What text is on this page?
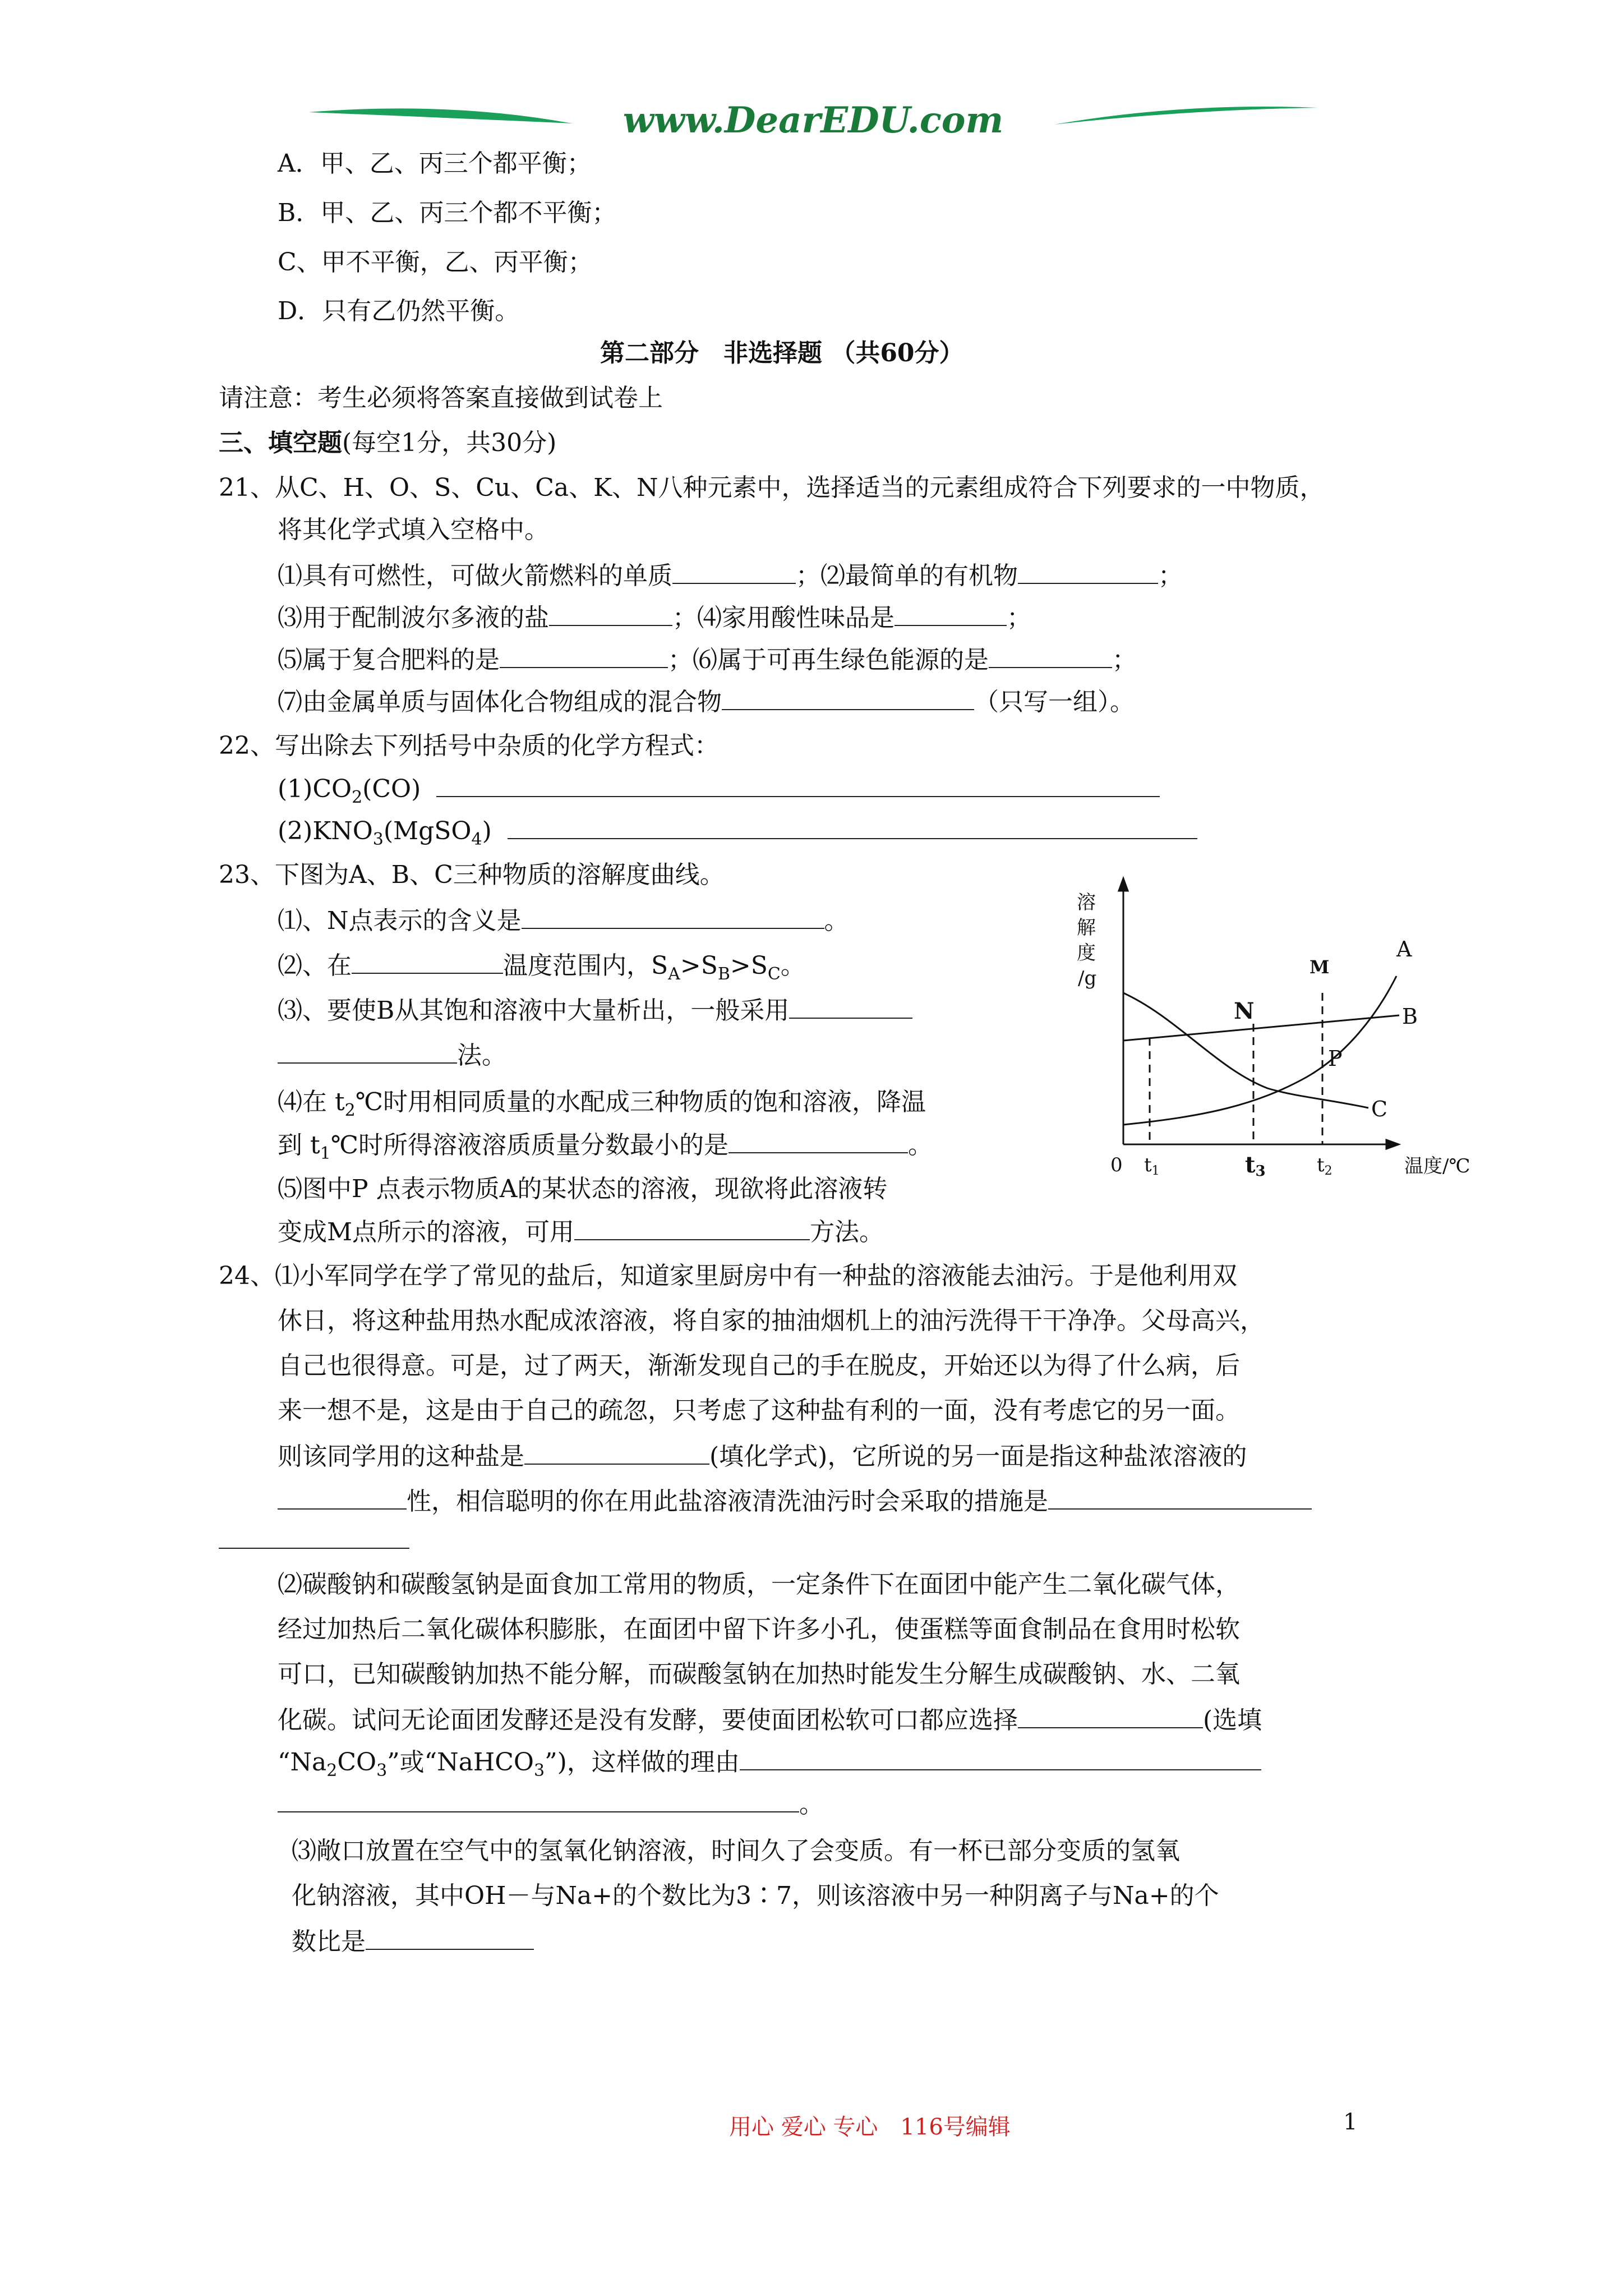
www.DearEDU.com
A．甲、乙、丙三个都平衡；
B．甲、乙、丙三个都不平衡；
C、甲不平衡，乙、丙平衡；
D．只有乙仍然平衡。
第二部分　非选择题 （共60分）
请注意：考生必须将答案直接做到试卷上
三、填空题(每空1分，共30分)
21、从C、H、O、S、Cu、Ca、K、N八种元素中，选择适当的元素组成符合下列要求的一中物质，
将其化学式填入空格中。
⑴具有可燃性，可做火箭燃料的单质	；⑵最简单的有机物	；
⑶用于配制波尔多液的盐	；⑷家用酸性味品是	；
⑸属于复合肥料的是	；⑹属于可再生绿色能源的是	；
⑺由金属单质与固体化合物组成的混合物	（只写一组）。
22、写出除去下列括号中杂质的化学方程式：
$(1)CO_2(CO)$
$(2)KNO_3(MgSO_4)$
23、下图为A、B、C三种物质的溶解度曲线。
⑴、N点表示的含义是	。
⑵、在	温度范围内，$S_A>S_B>S_C$。
⑶、要使B从其饱和溶液中大量析出，一般采用
法。
⑷在 $t_2℃$时用相同质量的水配成三种物质的饱和溶液，降温
到 $t_1℃$时所得溶液溶质质量分数最小的是	。
⑸图中P 点表示物质A的某状态的溶液，现欲将此溶液转
变成M点所示的溶液，可用	方法。
溶
解
度
/g
0 t1	t3	t2	温度/℃
A
B
C
N
M
P
24、⑴小军同学在学了常见的盐后，知道家里厨房中有一种盐的溶液能去油污。于是他利用双
休日，将这种盐用热水配成浓溶液，将自家的抽油烟机上的油污洗得干干净净。父母高兴，
自己也很得意。可是，过了两天，渐渐发现自己的手在脱皮，开始还以为得了什么病，后
来一想不是，这是由于自己的疏忽，只考虑了这种盐有利的一面，没有考虑它的另一面。
则该同学用的这种盐是	(填化学式)，它所说的另一面是指这种盐浓溶液的
性，相信聪明的你在用此盐溶液清洗油污时会采取的措施是
⑵碳酸钠和碳酸氢钠是面食加工常用的物质，一定条件下在面团中能产生二氧化碳气体，
经过加热后二氧化碳体积膨胀，在面团中留下许多小孔，使蛋糕等面食制品在食用时松软
可口，已知碳酸钠加热不能分解，而碳酸氢钠在加热时能发生分解生成碳酸钠、水、二氧
化碳。试问无论面团发酵还是没有发酵，要使面团松软可口都应选择	(选填
“$Na_2CO_3$”或“NaHCO$_3$”)，这样做的理由
。
⑶敞口放置在空气中的氢氧化钠溶液，时间久了会变质。有一杯已部分变质的氢氧
化钠溶液，其中OH－与Na+的个数比为3∶7，则该溶液中另一种阴离子与Na+的个
数比是
用心 爱心 专心　116号编辑	1
